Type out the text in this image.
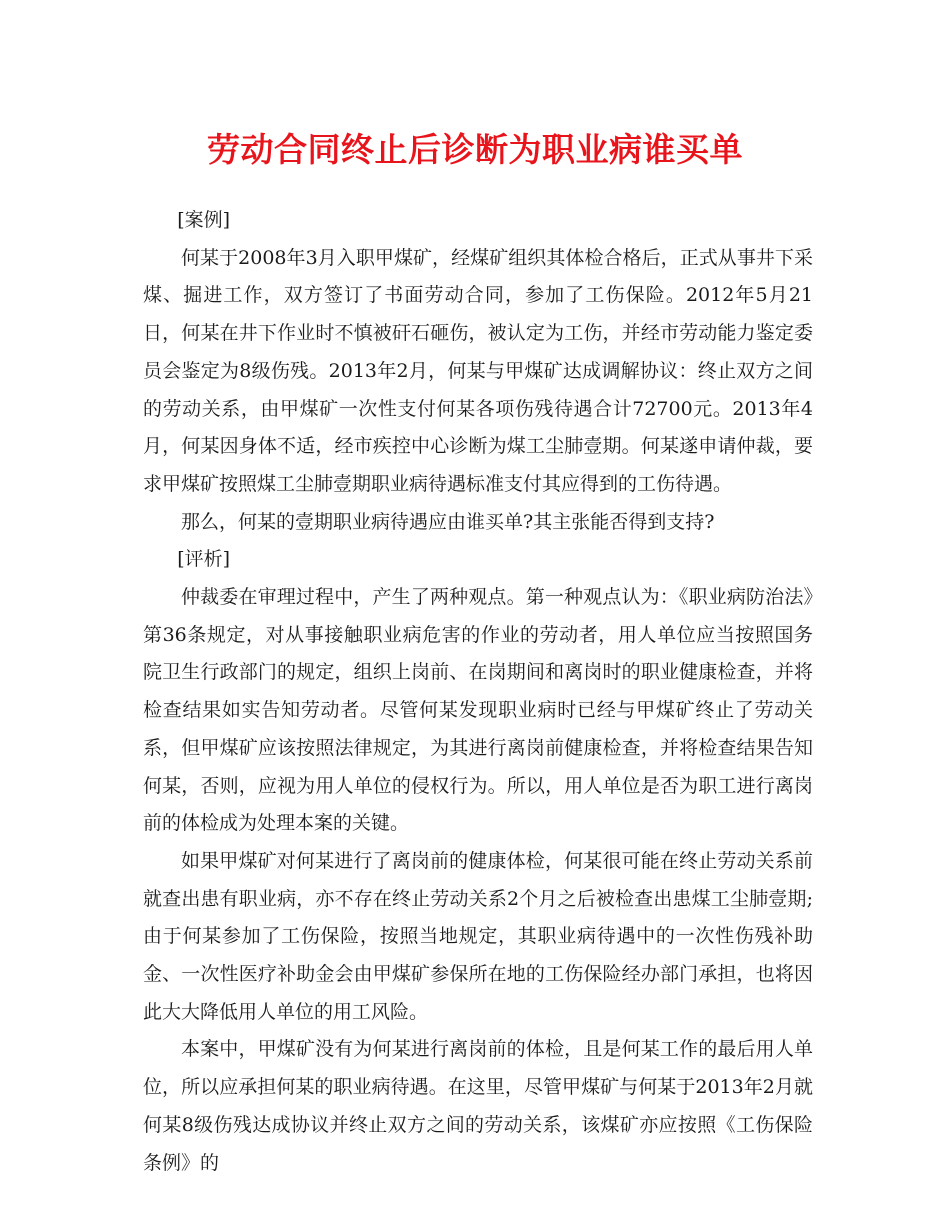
劳动合同终止后诊断为职业病谁买单

[案例]

何某于2008年3月入职甲煤矿，经煤矿组织其体检合格后，正式从事井下采煤、掘进工作，双方签订了书面劳动合同，参加了工伤保险。2012年5月21日，何某在井下作业时不慎被矸石砸伤，被认定为工伤，并经市劳动能力鉴定委员会鉴定为8级伤残。2013年2月，何某与甲煤矿达成调解协议：终止双方之间的劳动关系，由甲煤矿一次性支付何某各项伤残待遇合计72700元。2013年4月，何某因身体不适，经市疾控中心诊断为煤工尘肺壹期。何某遂申请仲裁，要求甲煤矿按照煤工尘肺壹期职业病待遇标准支付其应得到的工伤待遇。

那么，何某的壹期职业病待遇应由谁买单?其主张能否得到支持?

[评析]

仲裁委在审理过程中，产生了两种观点。第一种观点认为：《职业病防治法》第36条规定，对从事接触职业病危害的作业的劳动者，用人单位应当按照国务院卫生行政部门的规定，组织上岗前、在岗期间和离岗时的职业健康检查，并将检查结果如实告知劳动者。尽管何某发现职业病时已经与甲煤矿终止了劳动关系，但甲煤矿应该按照法律规定，为其进行离岗前健康检查，并将检查结果告知何某，否则，应视为用人单位的侵权行为。所以，用人单位是否为职工进行离岗前的体检成为处理本案的关键。

如果甲煤矿对何某进行了离岗前的健康体检，何某很可能在终止劳动关系前就查出患有职业病，亦不存在终止劳动关系2个月之后被检查出患煤工尘肺壹期;由于何某参加了工伤保险，按照当地规定，其职业病待遇中的一次性伤残补助金、一次性医疗补助金会由甲煤矿参保所在地的工伤保险经办部门承担，也将因此大大降低用人单位的用工风险。

本案中，甲煤矿没有为何某进行离岗前的体检，且是何某工作的最后用人单位，所以应承担何某的职业病待遇。在这里，尽管甲煤矿与何某于2013年2月就何某8级伤残达成协议并终止双方之间的劳动关系，该煤矿亦应按照《工伤保险条例》的
